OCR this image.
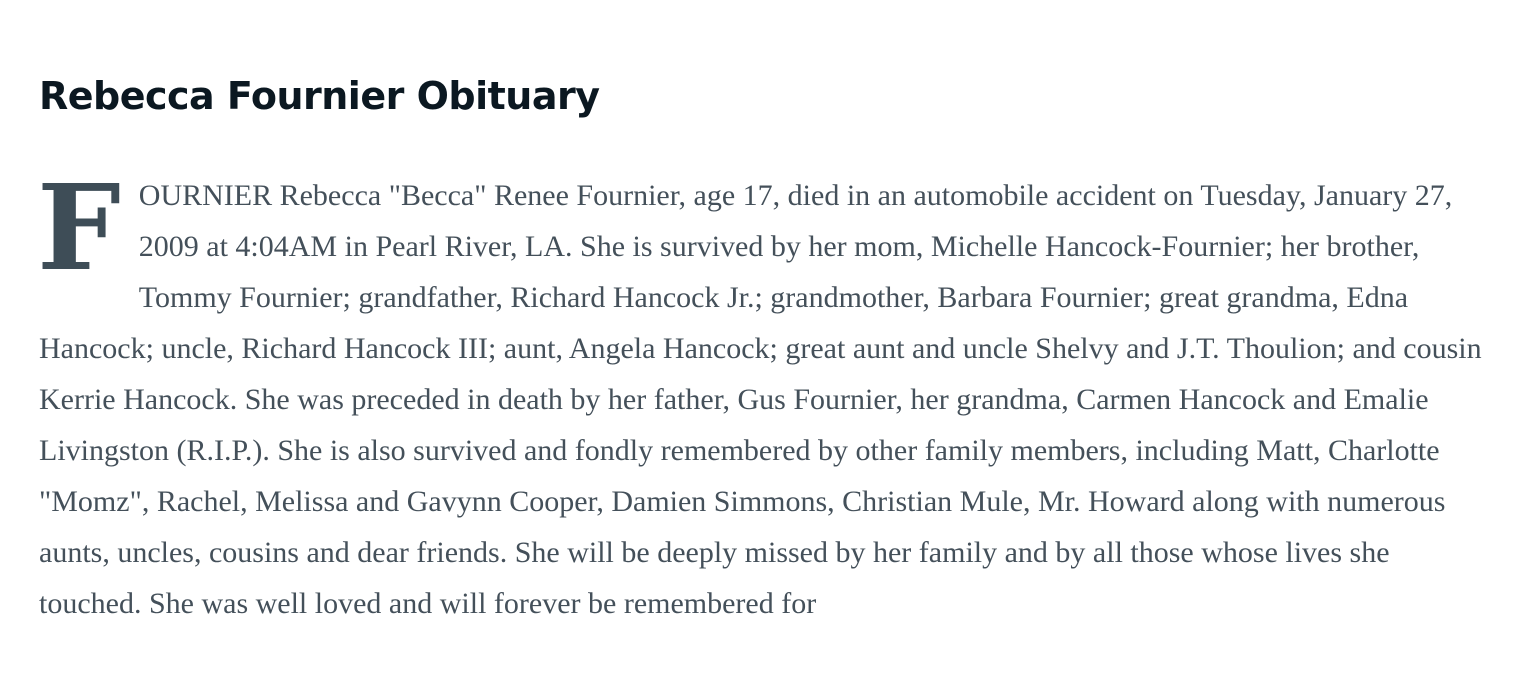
Rebecca Fournier Obituary

FOURNIER Rebecca "Becca" Renee Fournier, age 17, died in an automobile accident on Tuesday, January 27, 2009 at 4:04AM in Pearl River, LA. She is survived by her mom, Michelle Hancock-Fournier; her brother, Tommy Fournier; grandfather, Richard Hancock Jr.; grandmother, Barbara Fournier; great grandma, Edna Hancock; uncle, Richard Hancock III; aunt, Angela Hancock; great aunt and uncle Shelvy and J.T. Thoulion; and cousin Kerrie Hancock. She was preceded in death by her father, Gus Fournier, her grandma, Carmen Hancock and Emalie Livingston (R.I.P.). She is also survived and fondly remembered by other family members, including Matt, Charlotte "Momz", Rachel, Melissa and Gavynn Cooper, Damien Simmons, Christian Mule, Mr. Howard along with numerous aunts, uncles, cousins and dear friends. She will be deeply missed by her family and by all those whose lives she touched. She was well loved and will forever be remembered for
